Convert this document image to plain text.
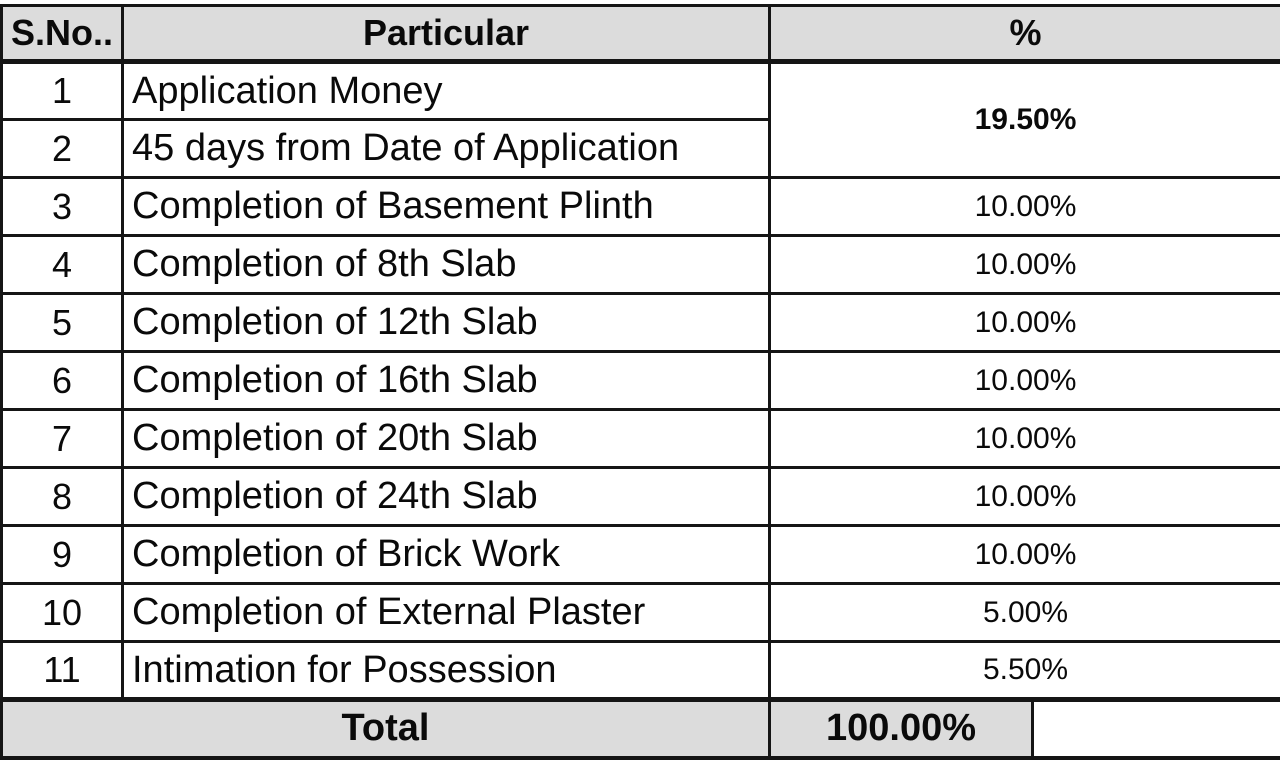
S.No..	Particular	%	
1	Application Money	19.50%	
2	45 days from Date of Application		
3	Completion of Basement Plinth	10.00%	
4	Completion of 8th Slab	10.00%	
5	Completion of 12th Slab	10.00%	
6	Completion of 16th Slab	10.00%	
7	Completion of 20th Slab	10.00%	
8	Completion of 24th Slab	10.00%	
9	Completion of Brick Work	10.00%	
10	Completion of External Plaster	5.00%	
11	Intimation for Possession	5.50%	
Total		100.00%	
